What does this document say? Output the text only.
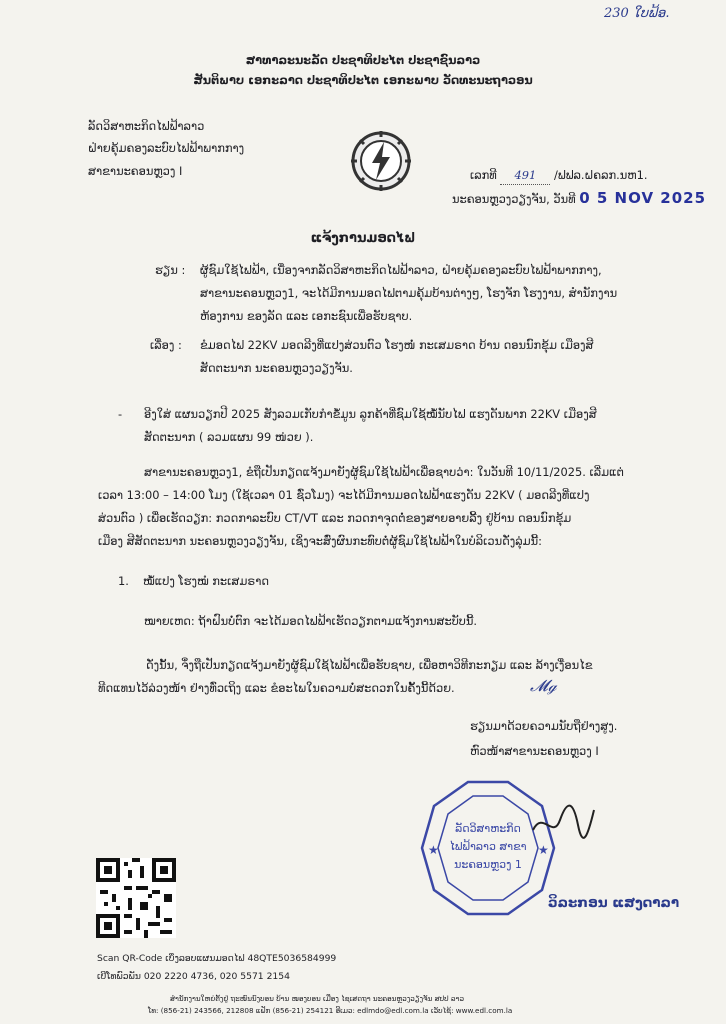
230 ໃບຟ້ອ.
ສາທາລະນະລັດ ປະຊາທິປະໄຕ ປະຊາຊົນລາວ
ສັນຕິພາບ ເອກະລາດ ປະຊາທິປະໄຕ ເອກະພາບ ວັດທະນະຖາວອນ
ລັດວິສາຫະກິດໄຟຟ້າລາວ
ຝ່າຍຄຸ້ມຄອງລະບົບໄຟຟ້າພາກກາງ
ສາຂານະຄອນຫຼວງ I	ເລກທີ 491 /ຟຟລ.ຝຄລກ.ນຫ1.
ນະຄອນຫຼວງວຽງຈັນ, ວັນທີ 0 5 NOV 2025
ແຈ້ງການມອດໄຟ
ຮຽນ : ຜູ້ຊົມໃຊ້ໄຟຟ້າ, ເນື່ອງຈາກລັດວິສາຫະກິດໄຟຟ້າລາວ, ຝ່າຍຄຸ້ມຄອງລະບົບໄຟຟ້າພາກກາງ,
ສາຂານະຄອນຫຼວງ1, ຈະໄດ້ມີການມອດໄຟຕາມຄຸ້ມບ້ານຕ່າງໆ, ໂຮງຈັກ ໂຮງງານ, ສຳນັກງານ
ຫ້ອງການ ຂອງລັດ ແລະ ເອກະຊົນເພື່ອຮັບຊາບ.
ເລື່ອງ : ຂໍມອດໄຟ 22KV ມອດລີງທີ່ແປງສ່ວນຕົວ ໂຮງໜໍ່ ກະເສມຣາດ ບ້ານ ດອນນົກຂຸ້ມ ເມືອງສີ
ສັດຕະນາກ ນະຄອນຫຼວງວຽງຈັນ.
- ອີງໃສ່ ແຜນວຽກປີ 2025 ສັງລວມເກັບກຳຂໍ້ມູນ ລູກຄ້າທີ່ຊົມໃຊ້ໝໍ້ນັບໄຟ ແຮງດັນພາກ 22KV ເມືອງສີ
ສັດຕະນາກ ( ລວມແຜນ 99 ໜ່ວຍ ).
ສາຂານະຄອນຫຼວງ1, ຂໍຖືເປັນກຽດແຈ້ງມາຍັງຜູ້ຊົມໃຊ້ໄຟຟ້າເພື່ອຊາບວ່າ: ໃນວັນທີ 10/11/2025. ເລີ່ມແຕ່
ເວລາ 13:00 – 14:00 ໂມງ (ໃຊ້ເວລາ 01 ຊົ່ວໂມງ) ຈະໄດ້ມີການມອດໄຟຟ້າແຮງດັນ 22KV ( ມອດລີງທີ່ແປງ
ສ່ວນຕົວ ) ເພື່ອເຮັດວຽກ: ກວດກາລະບົບ CT/VT ແລະ ກວດກາຈຸດຕໍ່ຂອງສາຍອາຍລີ້ງ ຢູ່ບ້ານ ດອນນົກຂຸ້ມ
ເມືອງ ສີສັດຕະນາກ ນະຄອນຫຼວງວຽງຈັນ, ເຊິ່ງຈະສົ່ງຜົນກະທົບຕໍ່ຜູ້ຊົມໃຊ້ໄຟຟ້າໃນບໍລິເວນດັ່ງລຸ່ມນີ້:
1. ໝໍ້ແປງ ໂຮງໝໍ ກະເສມຣາດ
ໝາຍເຫດ: ຖ້າຝົນບໍ່ຕົກ ຈະໄດ້ມອດໄຟຟ້າເຮັດວຽກຕາມແຈ້ງການສະບັບນີ້.
ດັ່ງນັ້ນ, ຈຶ່ງຖືເປັນກຽດແຈ້ງມາຍັງຜູ້ຊົມໃຊ້ໄຟຟ້າເພື່ອຮັບຊາບ, ເພື່ອຫາວິທີກະກຽມ ແລະ ລ້າງເງື່ອນໄຂ
ທີດແທນໄວ້ລ່ວງໜ້າ ຢ່າງທົ່ວເຖິງ ແລະ ຂໍອະໄພໃນຄວາມບໍ່ສະດວກໃນຄັ້ງນີ້ດ້ວຍ.	𝓜ℊ
ຮຽນມາດ້ວຍຄວາມນັບຖືຢ່າງສູງ.
ຫົວໜ້າສາຂານະຄອນຫຼວງ I
★	★
ລັດວິສາຫະກິດ
ໄຟຟ້າລາວ ສາຂາ
ນະຄອນຫຼວງ 1
ວິລະກອນ ແສງດາລາ
Scan QR-Code ເບິ່ງລອບແຜນມອດໄຟ 48QTE5036584999
ເບີໂທພົວພັນ 020 2220 4736, 020 5571 2154
ສຳນັກງານໃຫຍ່ຕັ້ງຢູ່ ຖະໜົນນົງບອນ ບ້ານ ໜອງບອນ ເມືອງ ໄຊເສດຖາ ນະຄອນຫຼວງວຽງຈັນ ສປປ ລາວ
ໂທ: (856-21) 243566, 212808 ແຟັກ (856-21) 254121 ອີເມວ: edlmdo@edl.com.la ເວັບໄຊ້: www.edl.com.la
